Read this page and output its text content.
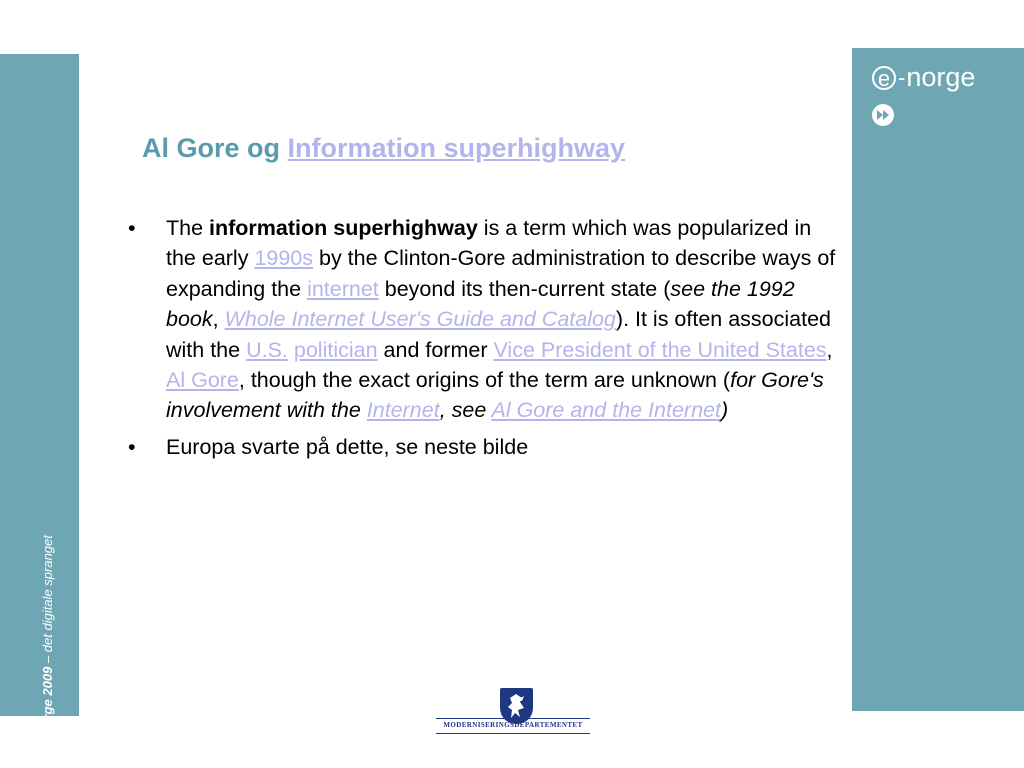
eNorge 2009 – det digitale spranget
e - norge
Al Gore og Information superhighway
• The information superhighway is a term which was popularized in the early 1990s by the Clinton-Gore administration to describe ways of expanding the internet beyond its then-current state (see the 1992 book, Whole Internet User's Guide and Catalog). It is often associated with the U.S. politician and former Vice President of the United States, Al Gore, though the exact origins of the term are unknown (for Gore's involvement with the Internet, see Al Gore and the Internet)
• Europa svarte på dette, se neste bilde
MODERNISERINGSDEPARTEMENTET
